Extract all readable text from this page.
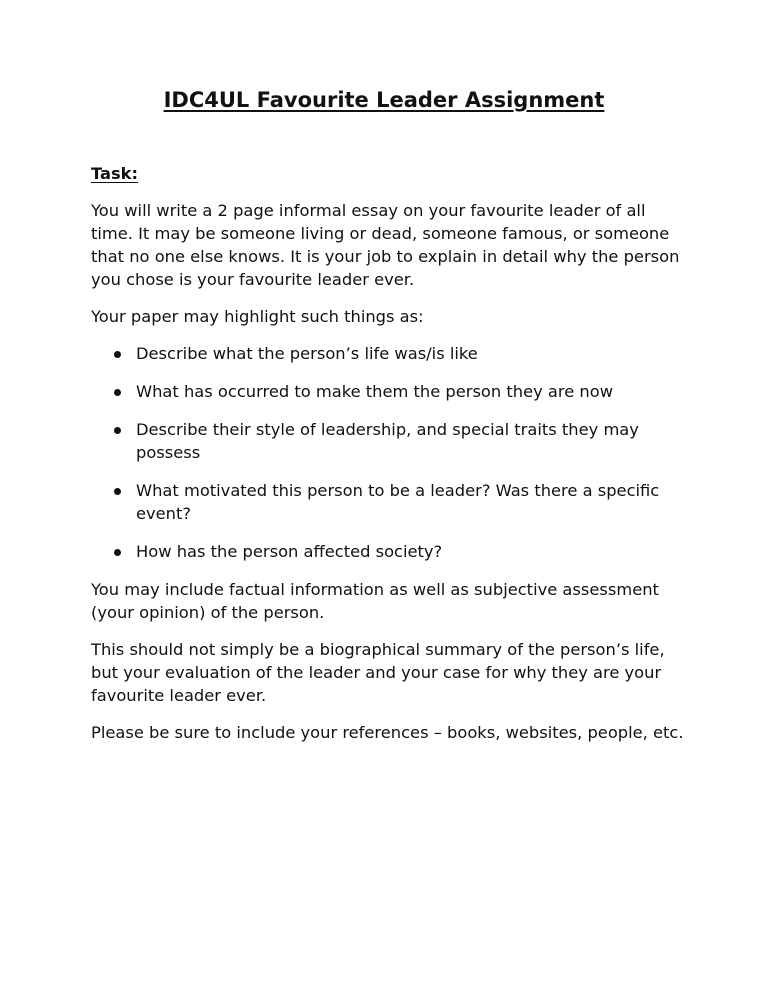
IDC4UL Favourite Leader Assignment

Task:

You will write a 2 page informal essay on your favourite leader of all time. It may be someone living or dead, someone famous, or someone that no one else knows. It is your job to explain in detail why the person you chose is your favourite leader ever.

Your paper may highlight such things as:

Describe what the person’s life was/is like
What has occurred to make them the person they are now
Describe their style of leadership, and special traits they may possess
What motivated this person to be a leader? Was there a specific event?
How has the person affected society?

You may include factual information as well as subjective assessment (your opinion) of the person.

This should not simply be a biographical summary of the person’s life, but your evaluation of the leader and your case for why they are your favourite leader ever.

Please be sure to include your references – books, websites, people, etc.
